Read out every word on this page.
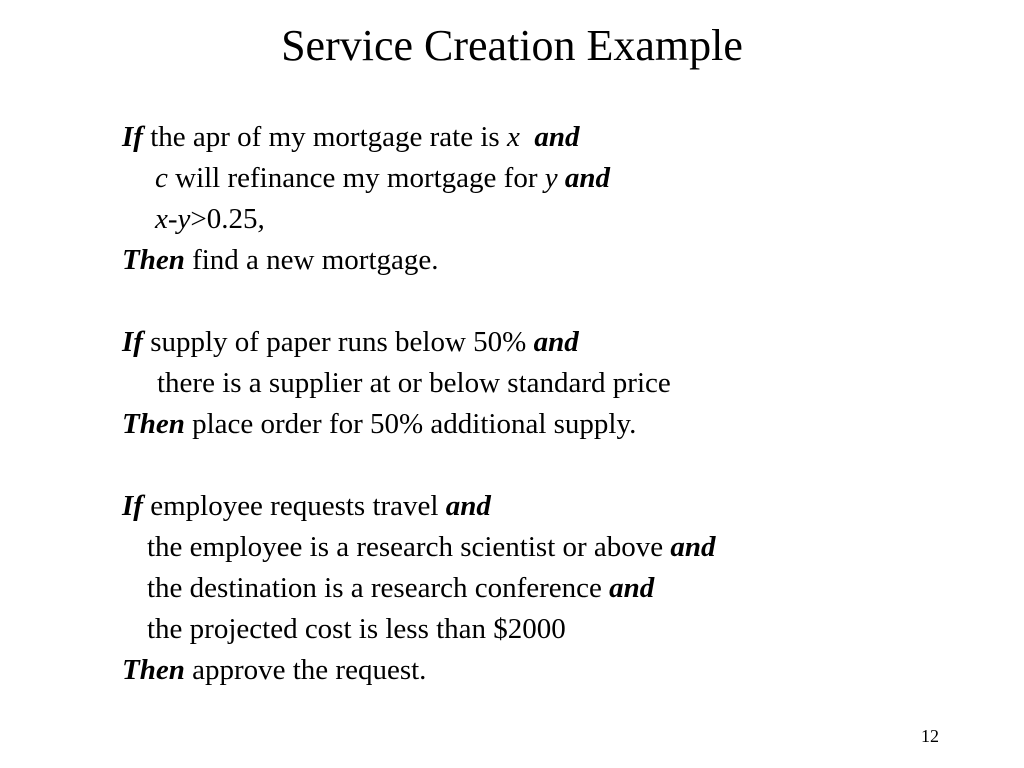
Service Creation Example
If the apr of my mortgage rate is x and
c will refinance my mortgage for y and
x-y>0.25,
Then find a new mortgage.
If supply of paper runs below 50% and
there is a supplier at or below standard price
Then place order for 50% additional supply.
If employee requests travel and
the employee is a research scientist or above and
the destination is a research conference and
the projected cost is less than $2000
Then approve the request.
12
